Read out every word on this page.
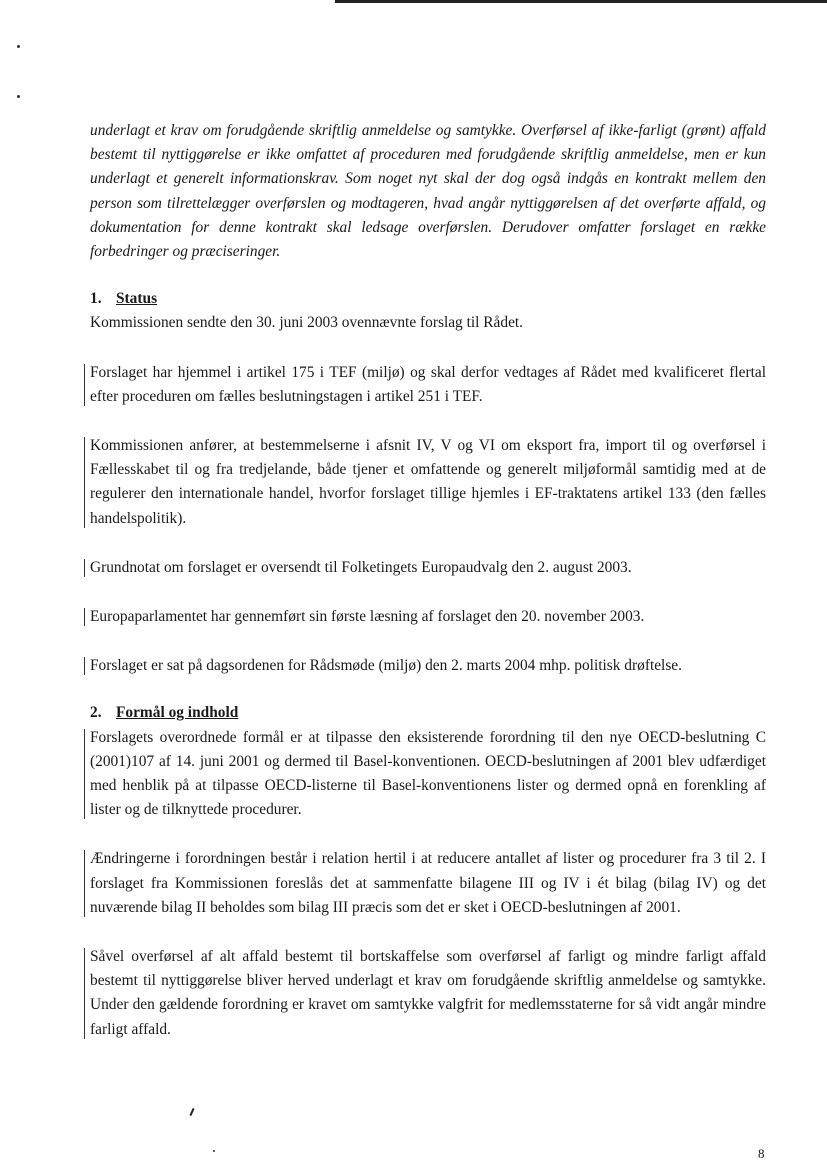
underlagt et krav om forudgående skriftlig anmeldelse og samtykke. Overførsel af ikke-farligt (grønt) affald bestemt til nyttiggørelse er ikke omfattet af proceduren med forudgående skriftlig anmeldelse, men er kun underlagt et generelt informationskrav. Som noget nyt skal der dog også indgås en kontrakt mellem den person som tilrettelægger overførslen og modtageren, hvad angår nyttiggørelsen af det overførte affald, og dokumentation for denne kontrakt skal ledsage overførslen. Derudover omfatter forslaget en række forbedringer og præciseringer.

1. Status

Kommissionen sendte den 30. juni 2003 ovennævnte forslag til Rådet.

Forslaget har hjemmel i artikel 175 i TEF (miljø) og skal derfor vedtages af Rådet med kvalificeret flertal efter proceduren om fælles beslutningstagen i artikel 251 i TEF.

Kommissionen anfører, at bestemmelserne i afsnit IV, V og VI om eksport fra, import til og overførsel i Fællesskabet til og fra tredjelande, både tjener et omfattende og generelt miljøformål samtidig med at de regulerer den internationale handel, hvorfor forslaget tillige hjemles i EF-traktatens artikel 133 (den fælles handelspolitik).

Grundnotat om forslaget er oversendt til Folketingets Europaudvalg den 2. august 2003.

Europaparlamentet har gennemført sin første læsning af forslaget den 20. november 2003.

Forslaget er sat på dagsordenen for Rådsmøde (miljø) den 2. marts 2004 mhp. politisk drøftelse.

2. Formål og indhold

Forslagets overordnede formål er at tilpasse den eksisterende forordning til den nye OECD-beslutning C (2001)107 af 14. juni 2001 og dermed til Basel-konventionen. OECD-beslutningen af 2001 blev udfærdiget med henblik på at tilpasse OECD-listerne til Basel-konventionens lister og dermed opnå en forenkling af lister og de tilknyttede procedurer.

Ændringerne i forordningen består i relation hertil i at reducere antallet af lister og procedurer fra 3 til 2. I forslaget fra Kommissionen foreslås det at sammenfatte bilagene III og IV i ét bilag (bilag IV) og det nuværende bilag II beholdes som bilag III præcis som det er sket i OECD-beslutningen af 2001.

Såvel overførsel af alt affald bestemt til bortskaffelse som overførsel af farligt og mindre farligt affald bestemt til nyttiggørelse bliver herved underlagt et krav om forudgående skriftlig anmeldelse og samtykke. Under den gældende forordning er kravet om samtykke valgfrit for medlemsstaterne for så vidt angår mindre farligt affald.

8
